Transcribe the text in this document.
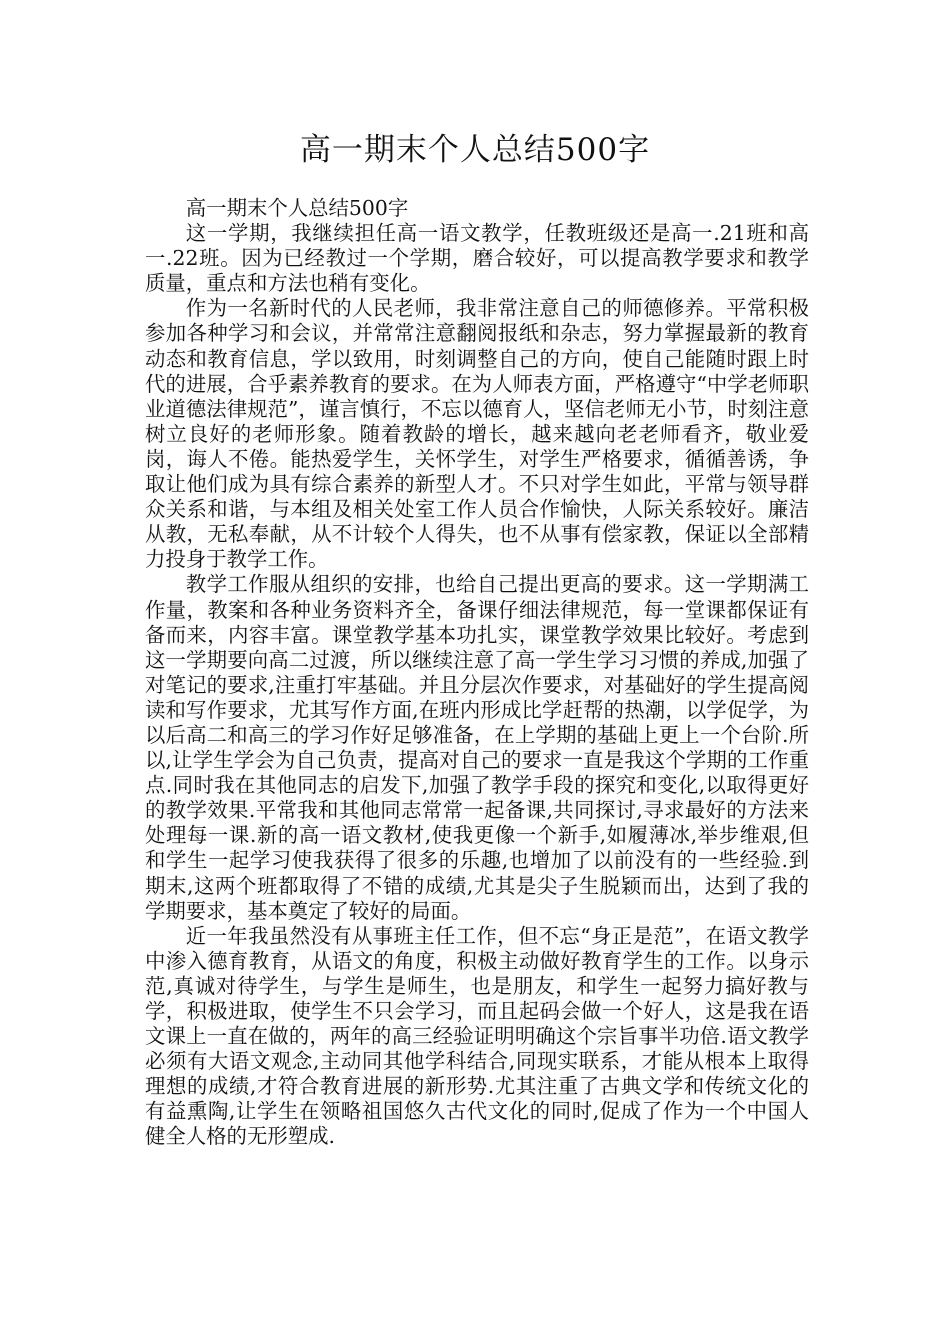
高一期末个人总结500字

高一期末个人总结500字

这一学期，我继续担任高一语文教学，任教班级还是高一.21班和高一.22班。因为已经教过一个学期，磨合较好，可以提高教学要求和教学质量，重点和方法也稍有变化。

作为一名新时代的人民老师，我非常注意自己的师德修养。平常积极参加各种学习和会议，并常常注意翻阅报纸和杂志，努力掌握最新的教育动态和教育信息，学以致用，时刻调整自己的方向，使自己能随时跟上时代的进展，合乎素养教育的要求。在为人师表方面，严格遵守“中学老师职业道德法律规范”，谨言慎行，不忘以德育人，坚信老师无小节，时刻注意树立良好的老师形象。随着教龄的增长，越来越向老老师看齐，敬业爱岗，诲人不倦。能热爱学生，关怀学生，对学生严格要求，循循善诱，争取让他们成为具有综合素养的新型人才。不只对学生如此，平常与领导群众关系和谐，与本组及相关处室工作人员合作愉快，人际关系较好。廉洁从教，无私奉献，从不计较个人得失，也不从事有偿家教，保证以全部精力投身于教学工作。

教学工作服从组织的安排，也给自己提出更高的要求。这一学期满工作量，教案和各种业务资料齐全，备课仔细法律规范，每一堂课都保证有备而来，内容丰富。课堂教学基本功扎实，课堂教学效果比较好。考虑到这一学期要向高二过渡，所以继续注意了高一学生学习习惯的养成,加强了对笔记的要求,注重打牢基础。并且分层次作要求，对基础好的学生提高阅读和写作要求，尤其写作方面,在班内形成比学赶帮的热潮，以学促学，为以后高二和高三的学习作好足够准备，在上学期的基础上更上一个台阶.所以,让学生学会为自己负责，提高对自己的要求一直是我这个学期的工作重点.同时我在其他同志的启发下,加强了教学手段的探究和变化,以取得更好的教学效果.平常我和其他同志常常一起备课,共同探讨,寻求最好的方法来处理每一课.新的高一语文教材,使我更像一个新手,如履薄冰,举步维艰,但和学生一起学习使我获得了很多的乐趣,也增加了以前没有的一些经验.到期末,这两个班都取得了不错的成绩,尤其是尖子生脱颖而出，达到了我的学期要求，基本奠定了较好的局面。

近一年我虽然没有从事班主任工作，但不忘“身正是范”，在语文教学中渗入德育教育，从语文的角度，积极主动做好教育学生的工作。以身示范,真诚对待学生，与学生是师生，也是朋友，和学生一起努力搞好教与学，积极进取，使学生不只会学习，而且起码会做一个好人，这是我在语文课上一直在做的，两年的高三经验证明明确这个宗旨事半功倍.语文教学必须有大语文观念,主动同其他学科结合,同现实联系，才能从根本上取得理想的成绩,才符合教育进展的新形势.尤其注重了古典文学和传统文化的有益熏陶,让学生在领略祖国悠久古代文化的同时,促成了作为一个中国人健全人格的无形塑成.
